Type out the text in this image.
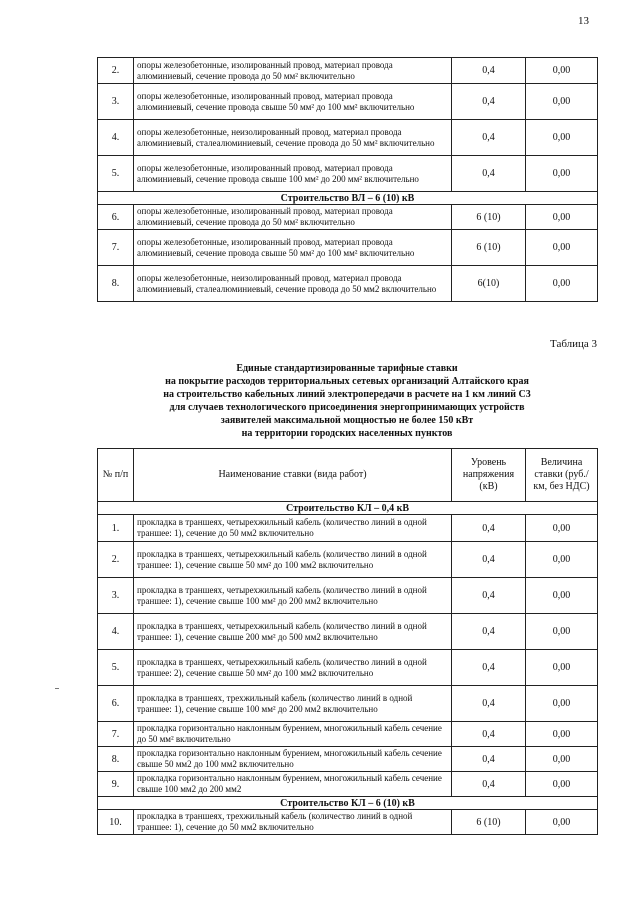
13
2.	опоры железобетонные, изолированный провод, материал провода алюминиевый, сечение провода до 50 мм² включительно	0,4	0,00
3.	опоры железобетонные, изолированный провод, материал провода алюминиевый, сечение провода свыше 50 мм² до 100 мм² включительно	0,4	0,00
4.	опоры железобетонные, неизолированный провод, материал провода алюминиевый, сталеалюминиевый, сечение провода до 50 мм² включительно	0,4	0,00
5.	опоры железобетонные, изолированный провод, материал провода алюминиевый, сечение провода свыше 100 мм² до 200 мм² включительно	0,4	0,00
Строительство ВЛ – 6 (10) кВ			
6.	опоры железобетонные, изолированный провод, материал провода алюминиевый, сечение провода до 50 мм² включительно	6 (10)	0,00
7.	опоры железобетонные, изолированный провод, материал провода алюминиевый, сечение провода свыше 50 мм² до 100 мм² включительно	6 (10)	0,00
8.	опоры железобетонные, неизолированный провод, материал провода алюминиевый, сталеалюминиевый, сечение провода до 50 мм2 включительно	6(10)	0,00
Таблица 3
Единые стандартизированные тарифные ставки
на покрытие расходов территориальных сетевых организаций Алтайского края
на строительство кабельных линий электропередачи в расчете на 1 км линий С3
для случаев технологического присоединения энергопринимающих устройств
заявителей максимальной мощностью не более 150 кВт
на территории городских населенных пунктов
№ п/п	Наименование ставки (вида работ)	Уровень напряжения (кВ)	Величина ставки (руб./км, без НДС)
Строительство КЛ – 0,4 кВ			
1.	прокладка в траншеях, четырехжильный кабель (количество линий в одной траншее: 1), сечение до 50 мм2 включительно	0,4	0,00
2.	прокладка в траншеях, четырехжильный кабель (количество линий в одной траншее: 1), сечение свыше 50 мм² до 100 мм2 включительно	0,4	0,00
3.	прокладка в траншеях, четырехжильный кабель (количество линий в одной траншее: 1), сечение свыше 100 мм² до 200 мм2 включительно	0,4	0,00
4.	прокладка в траншеях, четырехжильный кабель (количество линий в одной траншее: 1), сечение свыше 200 мм² до 500 мм2 включительно	0,4	0,00
5.	прокладка в траншеях, четырехжильный кабель (количество линий в одной траншее: 2), сечение свыше 50 мм² до 100 мм2 включительно	0,4	0,00
6.	прокладка в траншеях, трехжильный кабель (количество линий в одной траншее: 1), сечение свыше 100 мм² до 200 мм2 включительно	0,4	0,00
7.	прокладка горизонтально наклонным бурением, многожильный кабель сечение до 50 мм² включительно	0,4	0,00
8.	прокладка горизонтально наклонным бурением, многожильный кабель сечение свыше 50 мм2 до 100 мм2 включительно	0,4	0,00
9.	прокладка горизонтально наклонным бурением, многожильный кабель сечение свыше 100 мм2 до 200 мм2	0,4	0,00
Строительство КЛ – 6 (10) кВ			
10.	прокладка в траншеях, трехжильный кабель (количество линий в одной траншее: 1), сечение до 50 мм2 включительно	6 (10)	0,00
